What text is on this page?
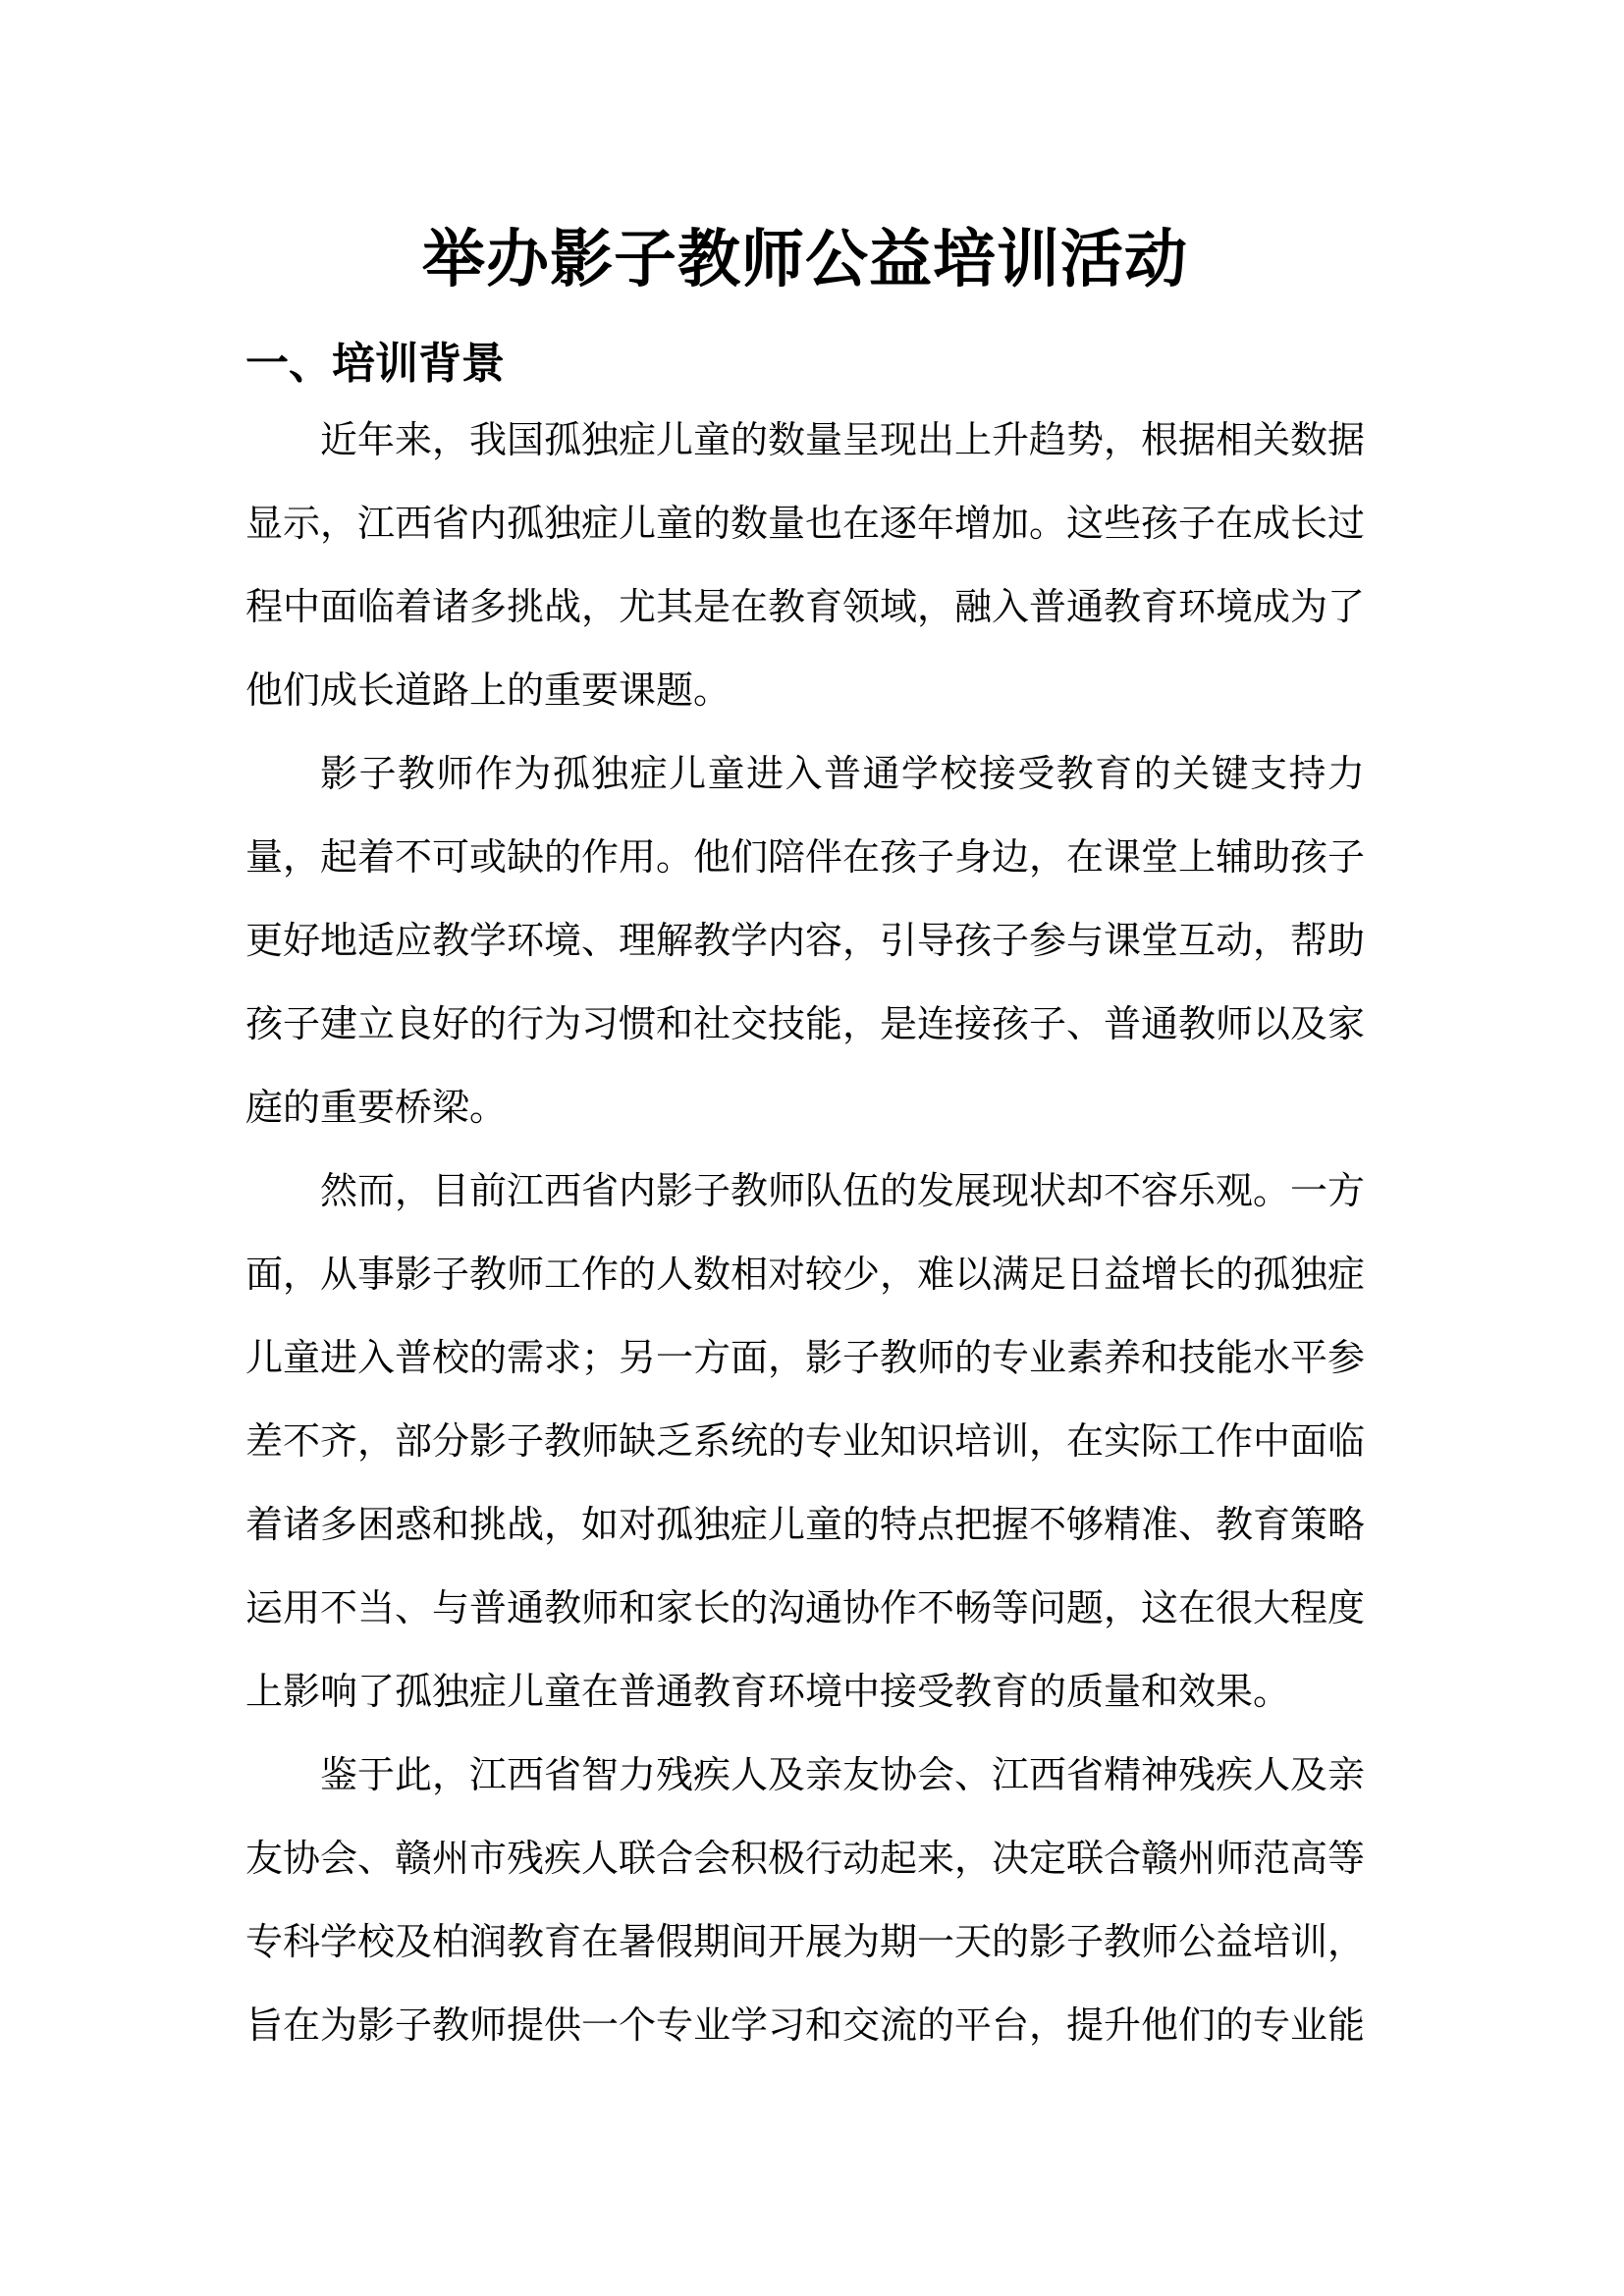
举办影子教师公益培训活动
一、培训背景

近年来，我国孤独症儿童的数量呈现出上升趋势，根据相关数据显示，江西省内孤独症儿童的数量也在逐年增加。这些孩子在成长过程中面临着诸多挑战，尤其是在教育领域，融入普通教育环境成为了他们成长道路上的重要课题。

影子教师作为孤独症儿童进入普通学校接受教育的关键支持力量，起着不可或缺的作用。他们陪伴在孩子身边，在课堂上辅助孩子更好地适应教学环境、理解教学内容，引导孩子参与课堂互动，帮助孩子建立良好的行为习惯和社交技能，是连接孩子、普通教师以及家庭的重要桥梁。

然而，目前江西省内影子教师队伍的发展现状却不容乐观。一方面，从事影子教师工作的人数相对较少，难以满足日益增长的孤独症儿童进入普校的需求；另一方面，影子教师的专业素养和技能水平参差不齐，部分影子教师缺乏系统的专业知识培训，在实际工作中面临着诸多困惑和挑战，如对孤独症儿童的特点把握不够精准、教育策略运用不当、与普通教师和家长的沟通协作不畅等问题，这在很大程度上影响了孤独症儿童在普通教育环境中接受教育的质量和效果。

鉴于此，江西省智力残疾人及亲友协会、江西省精神残疾人及亲友协会、赣州市残疾人联合会积极行动起来，决定联合赣州师范高等专科学校及柏润教育在暑假期间开展为期一天的影子教师公益培训，旨在为影子教师提供一个专业学习和交流的平台，提升他们的专业能
